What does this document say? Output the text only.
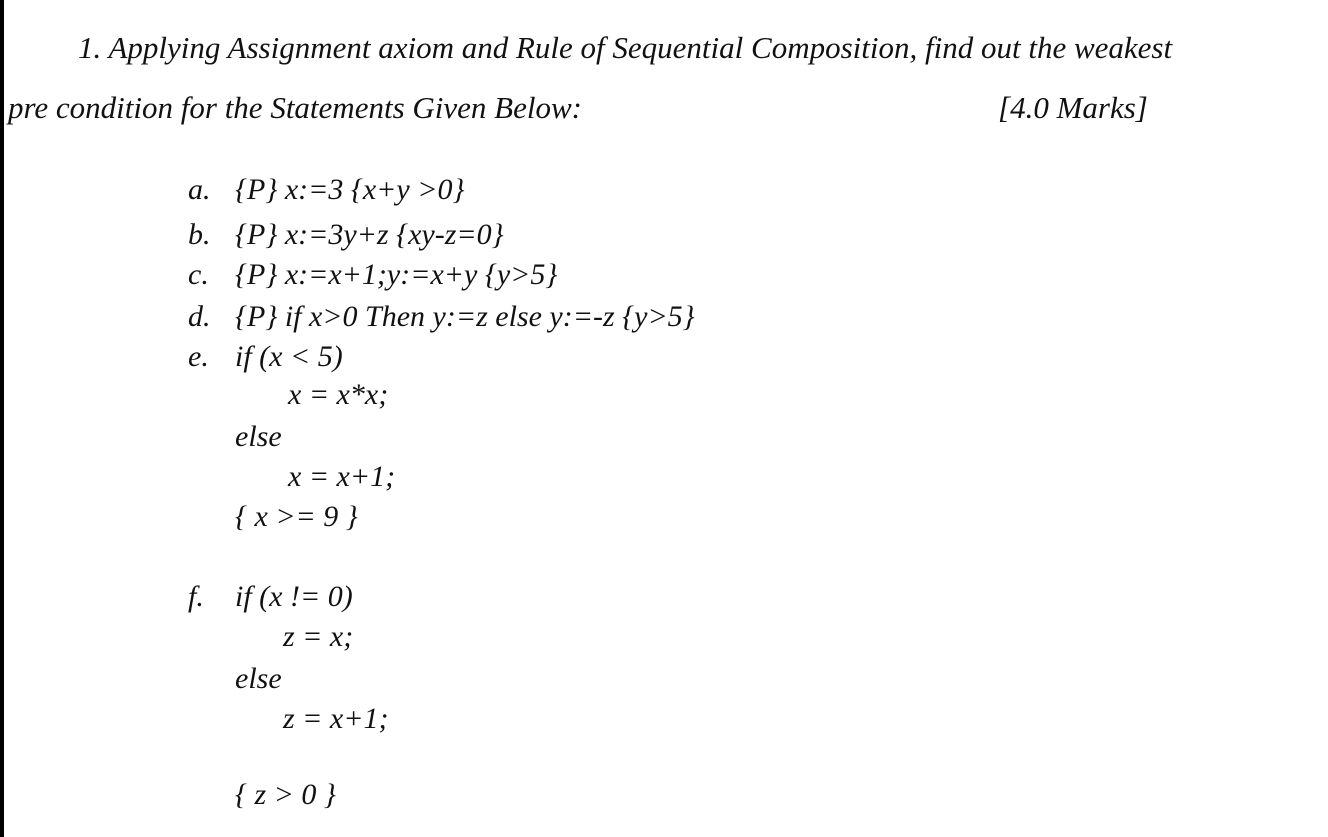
1. Applying Assignment axiom and Rule of Sequential Composition, find out the weakest
pre condition for the Statements Given Below:	[4.0 Marks]
a. {P} x:=3 {x+y >0}
b. {P} x:=3y+z {xy-z=0}
c. {P} x:=x+1;y:=x+y {y>5}
d. {P} if x>0 Then y:=z else y:=-z {y>5}
e. if (x < 5)
x = x*x;
else
x = x+1;
{ x >= 9 }
f. if (x != 0)
z = x;
else
z = x+1;
{ z > 0 }
